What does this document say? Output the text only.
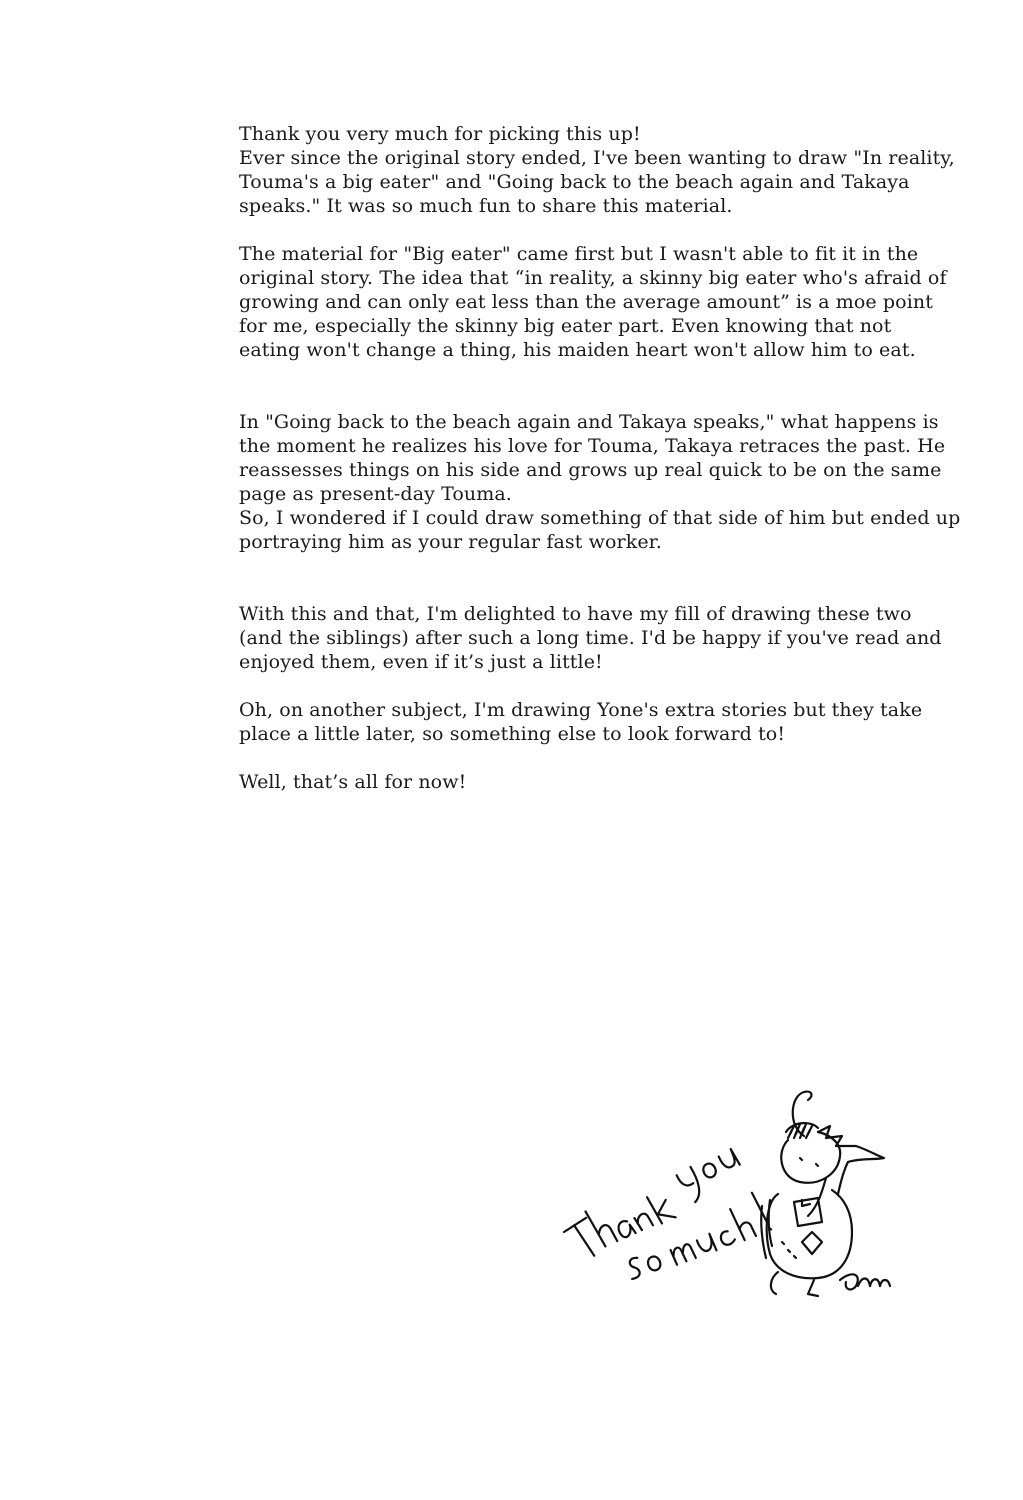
Thank you very much for picking this up!
Ever since the original story ended, I've been wanting to draw "In reality,
Touma's a big eater" and "Going back to the beach again and Takaya
speaks." It was so much fun to share this material.

The material for "Big eater" came first but I wasn't able to fit it in the
original story. The idea that “in reality, a skinny big eater who's afraid of
growing and can only eat less than the average amount” is a moe point
for me, especially the skinny big eater part. Even knowing that not
eating won't change a thing, his maiden heart won't allow him to eat.

In "Going back to the beach again and Takaya speaks," what happens is
the moment he realizes his love for Touma, Takaya retraces the past. He
reassesses things on his side and grows up real quick to be on the same
page as present-day Touma.
So, I wondered if I could draw something of that side of him but ended up
portraying him as your regular fast worker.

With this and that, I'm delighted to have my fill of drawing these two
(and the siblings) after such a long time. I'd be happy if you've read and
enjoyed them, even if it’s just a little!

Oh, on another subject, I'm drawing Yone's extra stories but they take
place a little later, so something else to look forward to!

Well, that’s all for now!
